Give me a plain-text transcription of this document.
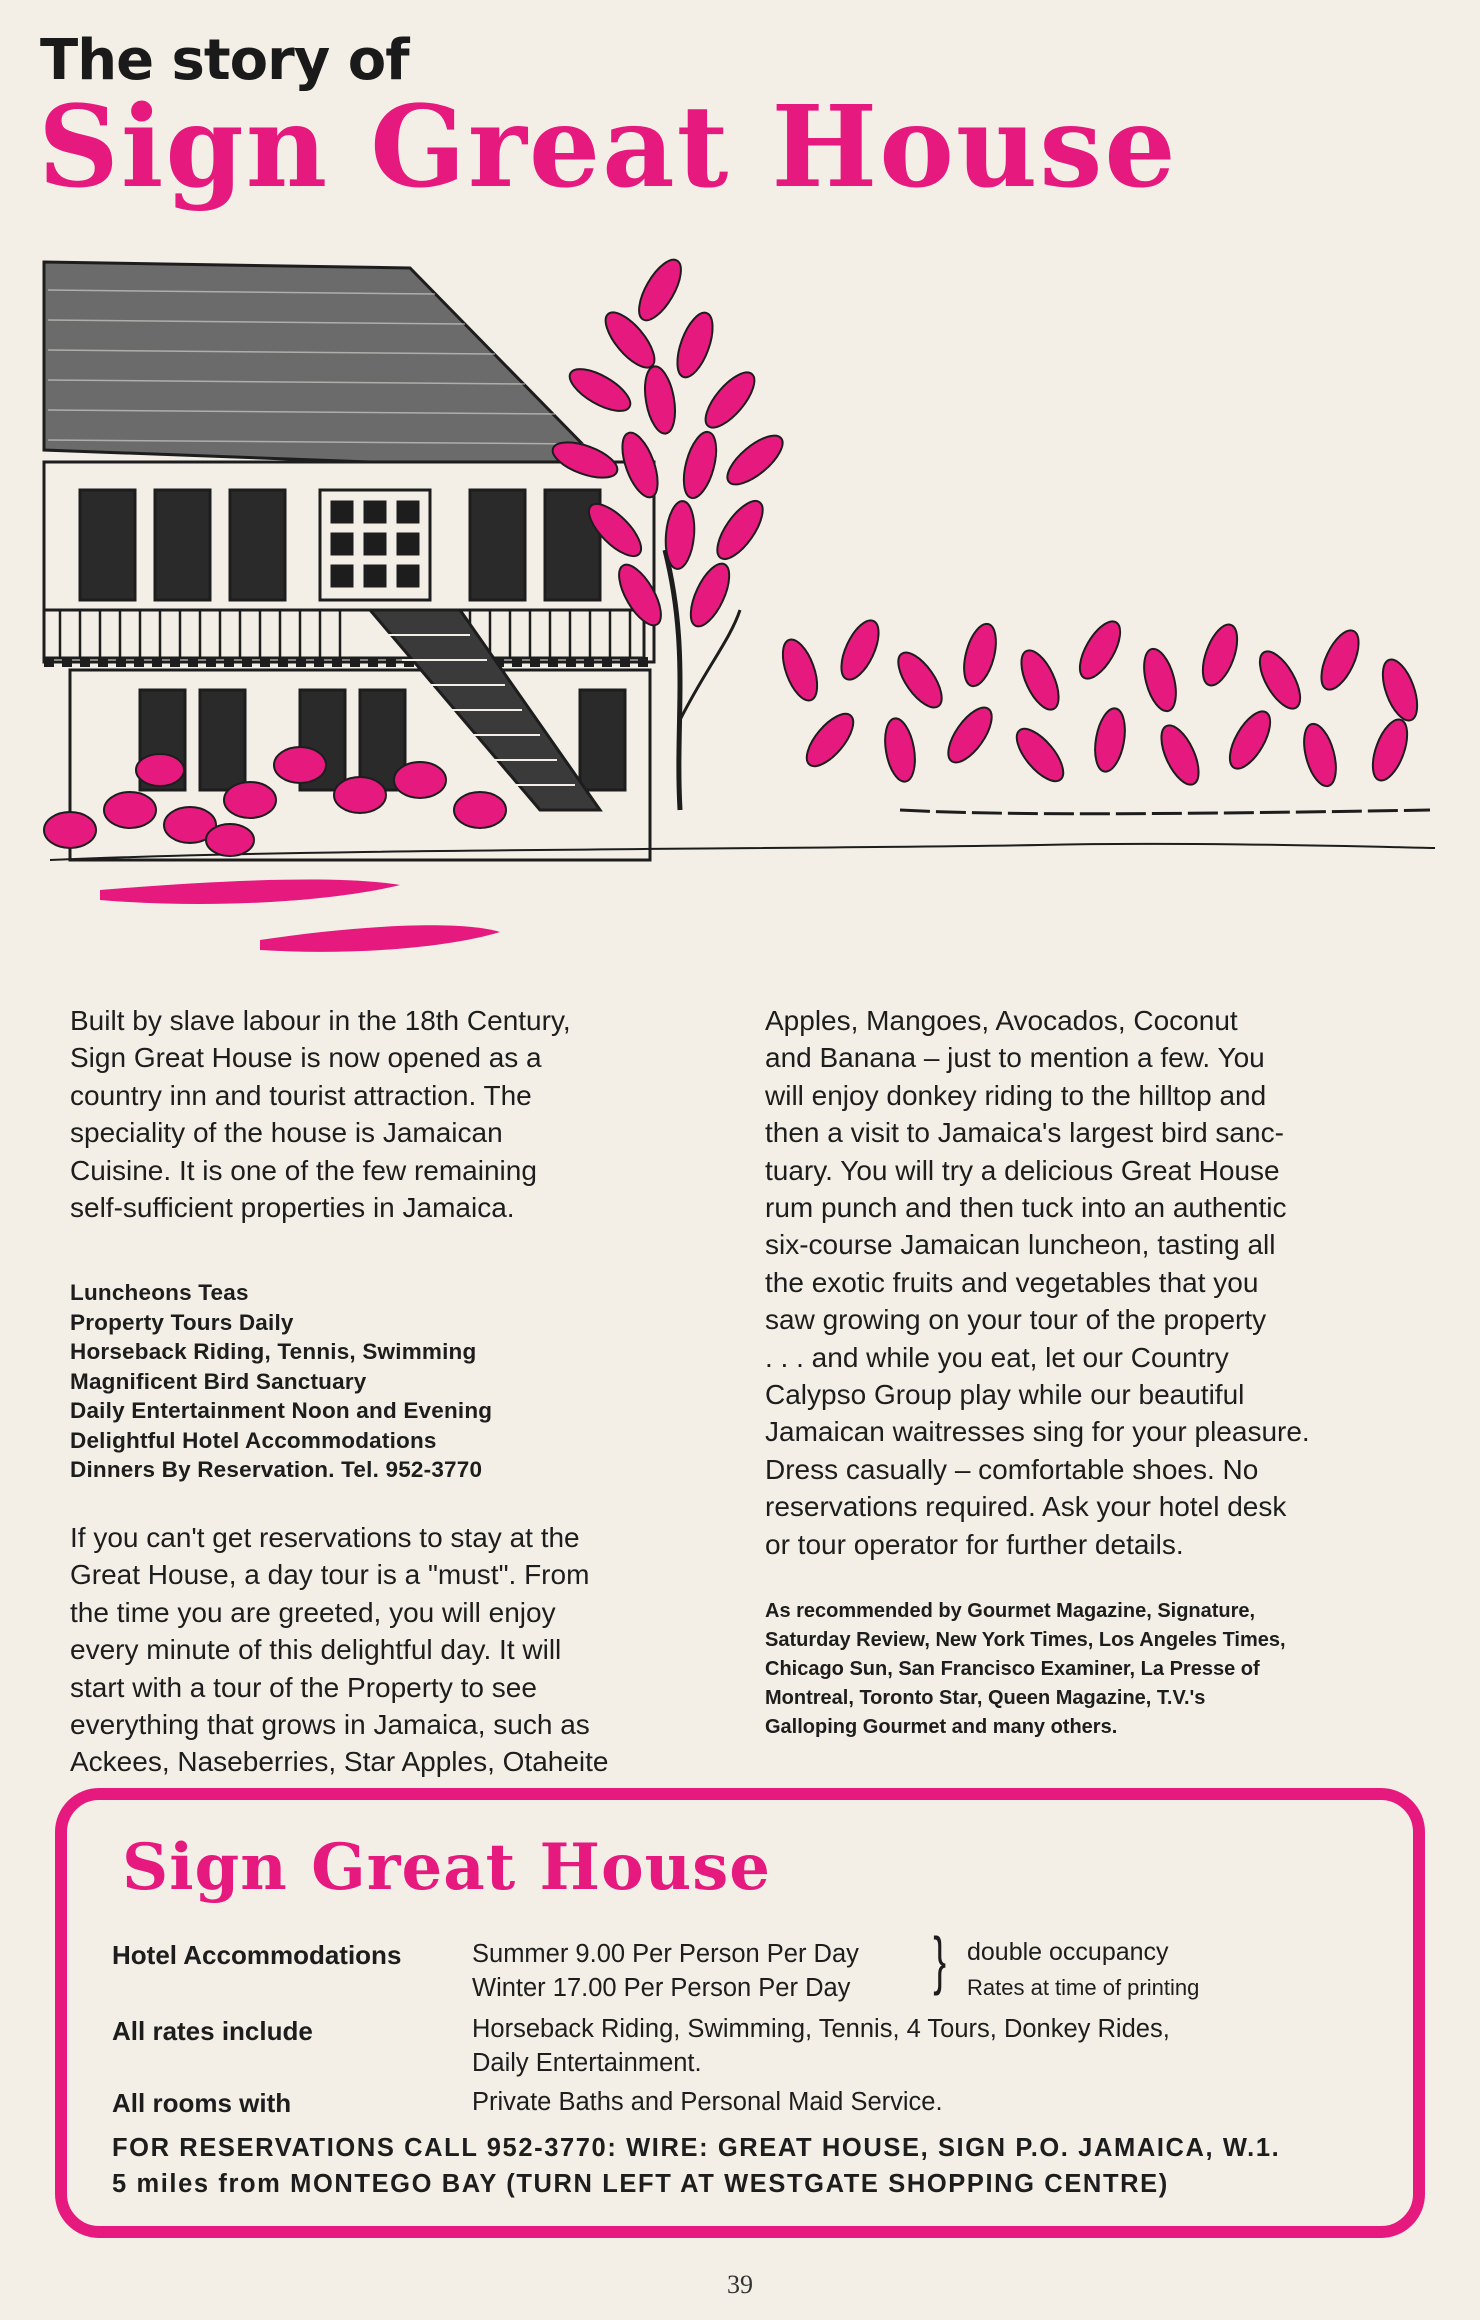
The story of
Sign Great House

Built by slave labour in the 18th Century,
Sign Great House is now opened as a
country inn and tourist attraction. The
speciality of the house is Jamaican
Cuisine. It is one of the few remaining
self-sufficient properties in Jamaica.

Luncheons Teas
Property Tours Daily
Horseback Riding, Tennis, Swimming
Magnificent Bird Sanctuary
Daily Entertainment Noon and Evening
Delightful Hotel Accommodations
Dinners By Reservation. Tel. 952-3770

If you can't get reservations to stay at the
Great House, a day tour is a "must". From
the time you are greeted, you will enjoy
every minute of this delightful day. It will
start with a tour of the Property to see
everything that grows in Jamaica, such as
Ackees, Naseberries, Star Apples, Otaheite

Apples, Mangoes, Avocados, Coconut
and Banana – just to mention a few. You
will enjoy donkey riding to the hilltop and
then a visit to Jamaica's largest bird sanc-
tuary. You will try a delicious Great House
rum punch and then tuck into an authentic
six-course Jamaican luncheon, tasting all
the exotic fruits and vegetables that you
saw growing on your tour of the property
. . . and while you eat, let our Country
Calypso Group play while our beautiful
Jamaican waitresses sing for your pleasure.
Dress casually – comfortable shoes. No
reservations required. Ask your hotel desk
or tour operator for further details.

As recommended by Gourmet Magazine, Signature,
Saturday Review, New York Times, Los Angeles Times,
Chicago Sun, San Francisco Examiner, La Presse of
Montreal, Toronto Star, Queen Magazine, T.V.'s
Galloping Gourmet and many others.
Sign Great House
Hotel Accommodations	Summer 9.00 Per Person Per Day
Winter 17.00 Per Person Per Day } double occupancy
Rates at time of printing
All rates include	Horseback Riding, Swimming, Tennis, 4 Tours, Donkey Rides,
Daily Entertainment.
All rooms with	Private Baths and Personal Maid Service.
FOR RESERVATIONS CALL 952-3770: WIRE: GREAT HOUSE, SIGN P.O. JAMAICA, W.1.
5 miles from MONTEGO BAY (TURN LEFT AT WESTGATE SHOPPING CENTRE)
39
